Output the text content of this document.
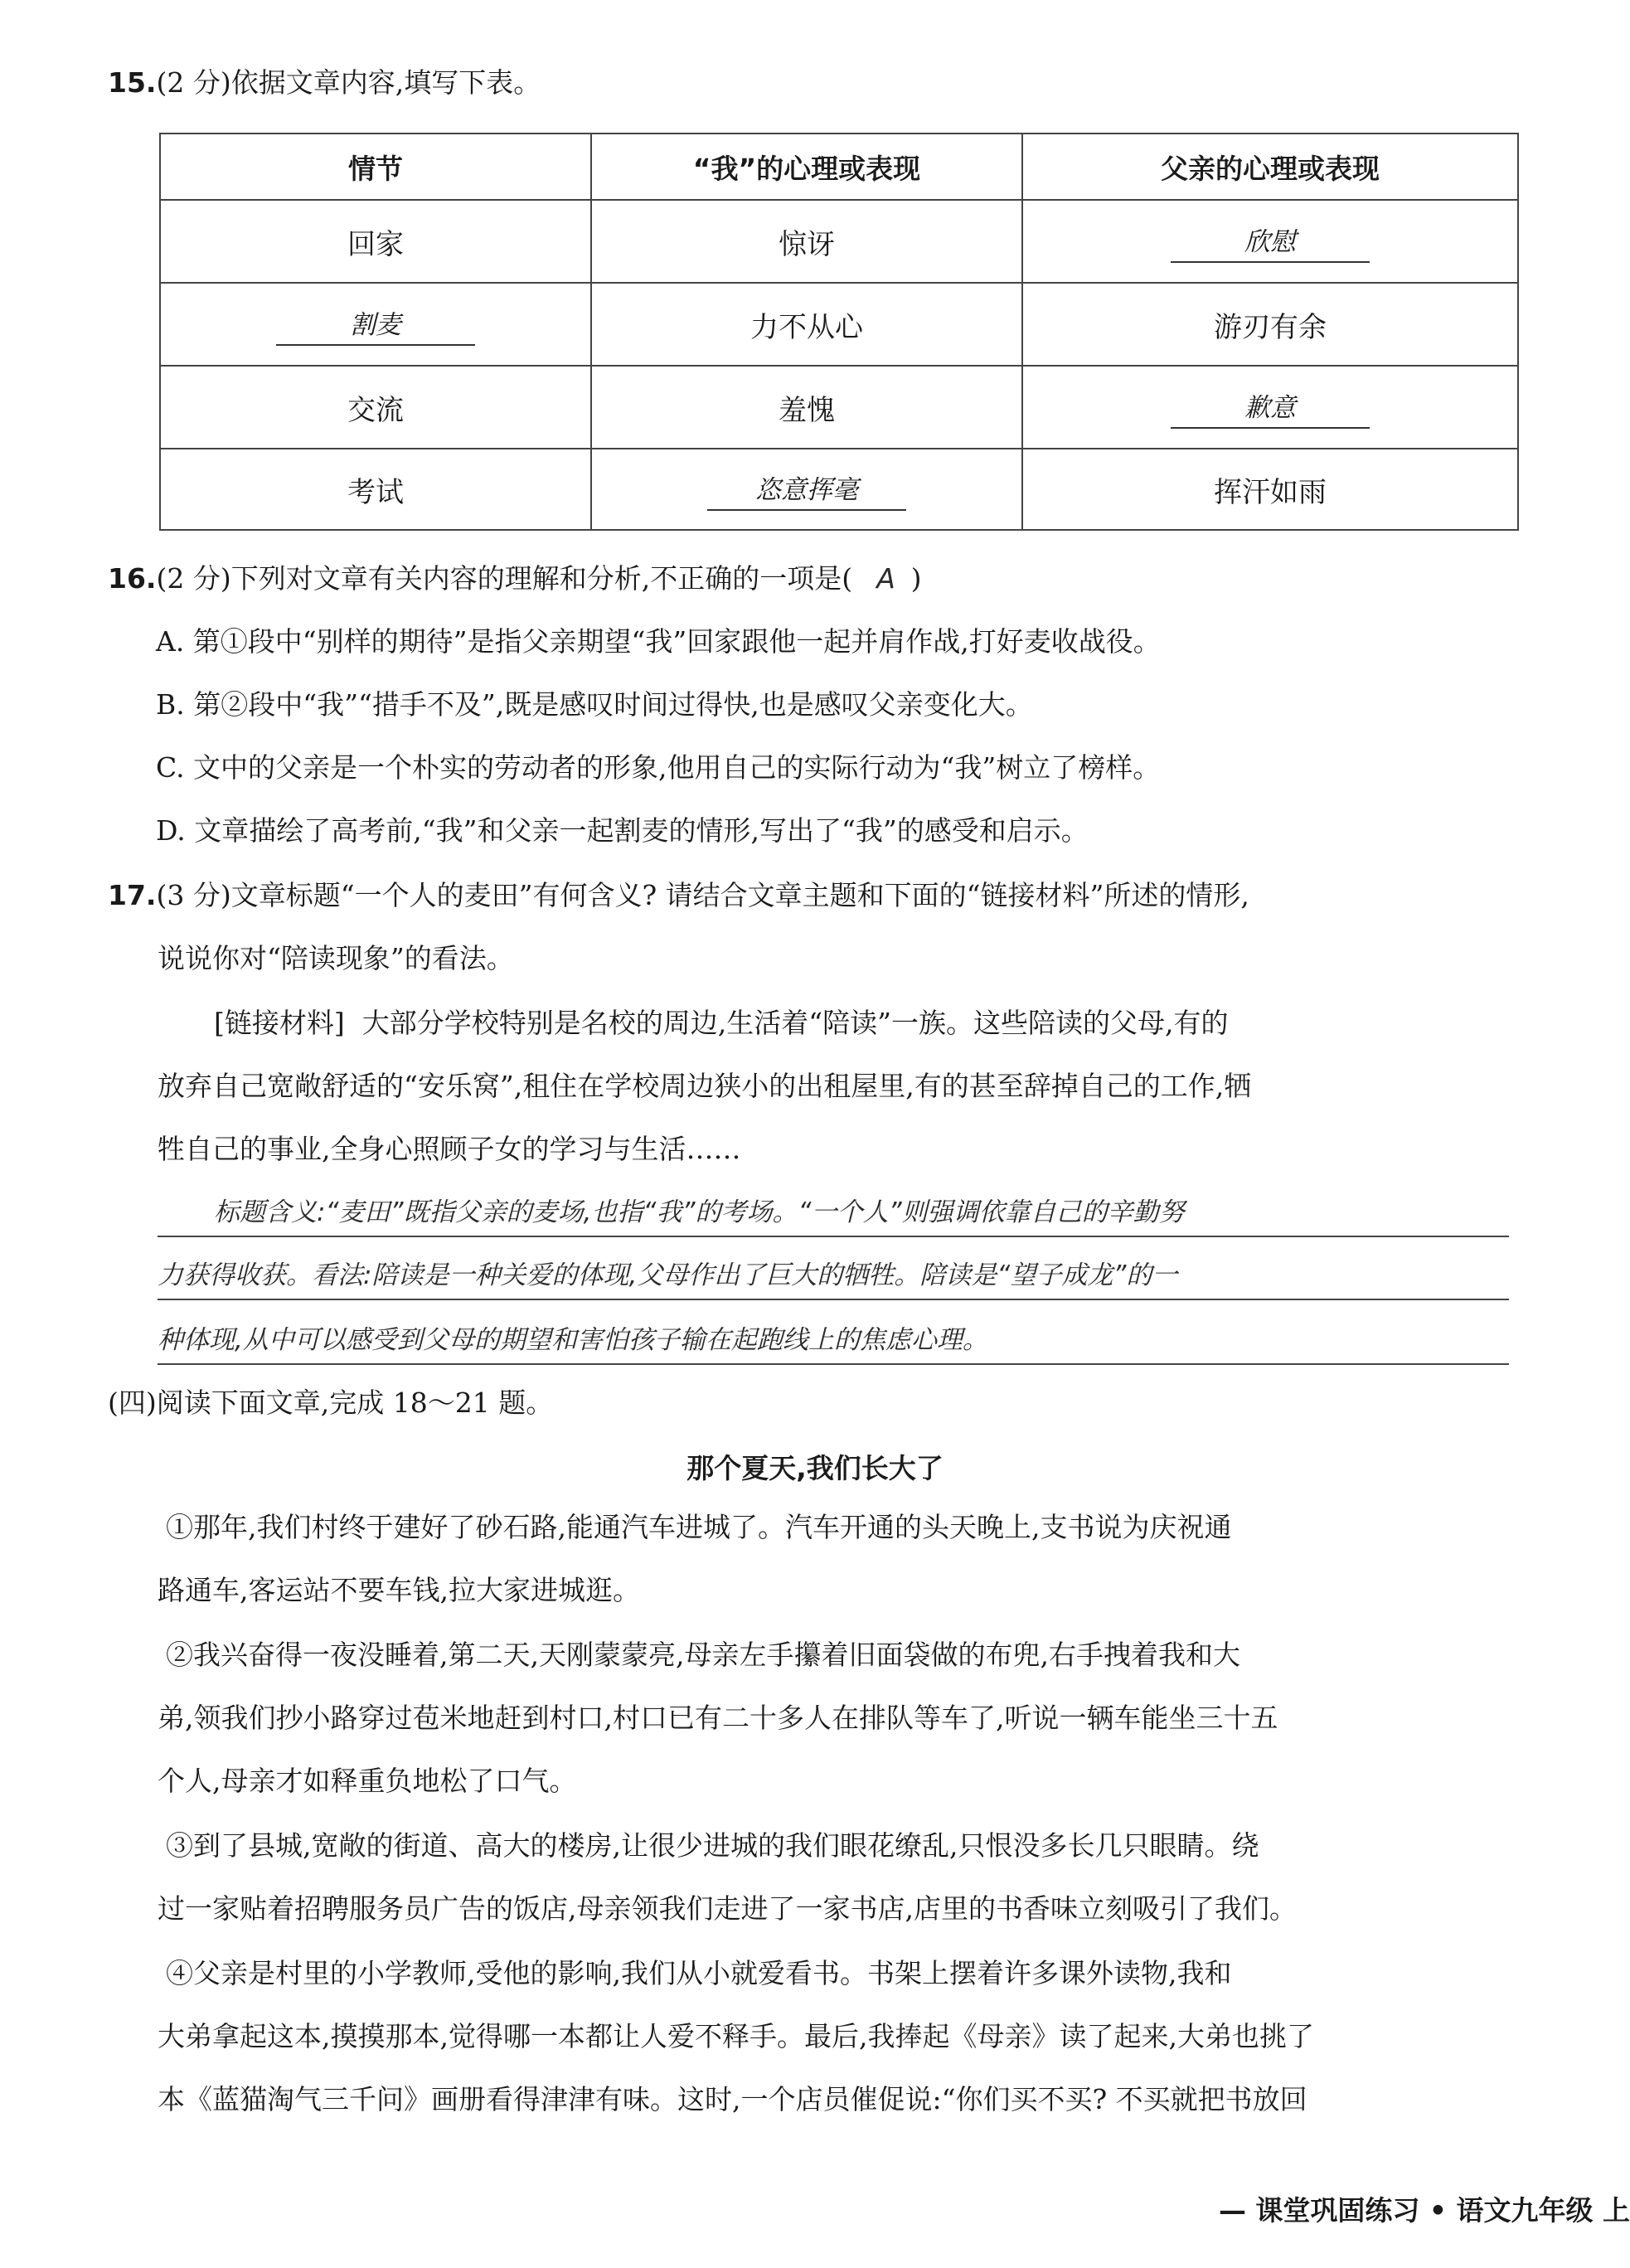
15.(2 分)依据文章内容,填写下表。
情节	“我”的心理或表现	父亲的心理或表现
回家	惊讶	欣慰
割麦	力不从心	游刃有余
交流	羞愧	歉意
考试	恣意挥毫	挥汗如雨
16.(2 分)下列对文章有关内容的理解和分析,不正确的一项是( A )
A. 第①段中“别样的期待”是指父亲期望“我”回家跟他一起并肩作战,打好麦收战役。
B. 第②段中“我”“措手不及”,既是感叹时间过得快,也是感叹父亲变化大。
C. 文中的父亲是一个朴实的劳动者的形象,他用自己的实际行动为“我”树立了榜样。
D. 文章描绘了高考前,“我”和父亲一起割麦的情形,写出了“我”的感受和启示。
17.(3 分)文章标题“一个人的麦田”有何含义? 请结合文章主题和下面的“链接材料”所述的情形,
说说你对“陪读现象”的看法。
[链接材料] 大部分学校特别是名校的周边,生活着“陪读”一族。这些陪读的父母,有的
放弃自己宽敞舒适的“安乐窝”,租住在学校周边狭小的出租屋里,有的甚至辞掉自己的工作,牺
牲自己的事业,全身心照顾子女的学习与生活……
标题含义:“麦田”既指父亲的麦场,也指“我”的考场。“一个人”则强调依靠自己的辛勤努
力获得收获。看法:陪读是一种关爱的体现,父母作出了巨大的牺牲。陪读是“望子成龙”的一
种体现,从中可以感受到父母的期望和害怕孩子输在起跑线上的焦虑心理。
(四)阅读下面文章,完成 18～21 题。
那个夏天,我们长大了
①那年,我们村终于建好了砂石路,能通汽车进城了。汽车开通的头天晚上,支书说为庆祝通
路通车,客运站不要车钱,拉大家进城逛。
②我兴奋得一夜没睡着,第二天,天刚蒙蒙亮,母亲左手攥着旧面袋做的布兜,右手拽着我和大
弟,领我们抄小路穿过苞米地赶到村口,村口已有二十多人在排队等车了,听说一辆车能坐三十五
个人,母亲才如释重负地松了口气。
③到了县城,宽敞的街道、高大的楼房,让很少进城的我们眼花缭乱,只恨没多长几只眼睛。绕
过一家贴着招聘服务员广告的饭店,母亲领我们走进了一家书店,店里的书香味立刻吸引了我们。
④父亲是村里的小学教师,受他的影响,我们从小就爱看书。书架上摆着许多课外读物,我和
大弟拿起这本,摸摸那本,觉得哪一本都让人爱不释手。最后,我捧起《母亲》读了起来,大弟也挑了
本《蓝猫淘气三千问》画册看得津津有味。这时,一个店员催促说:“你们买不买? 不买就把书放回
— 课堂巩固练习 • 语文九年级 上
